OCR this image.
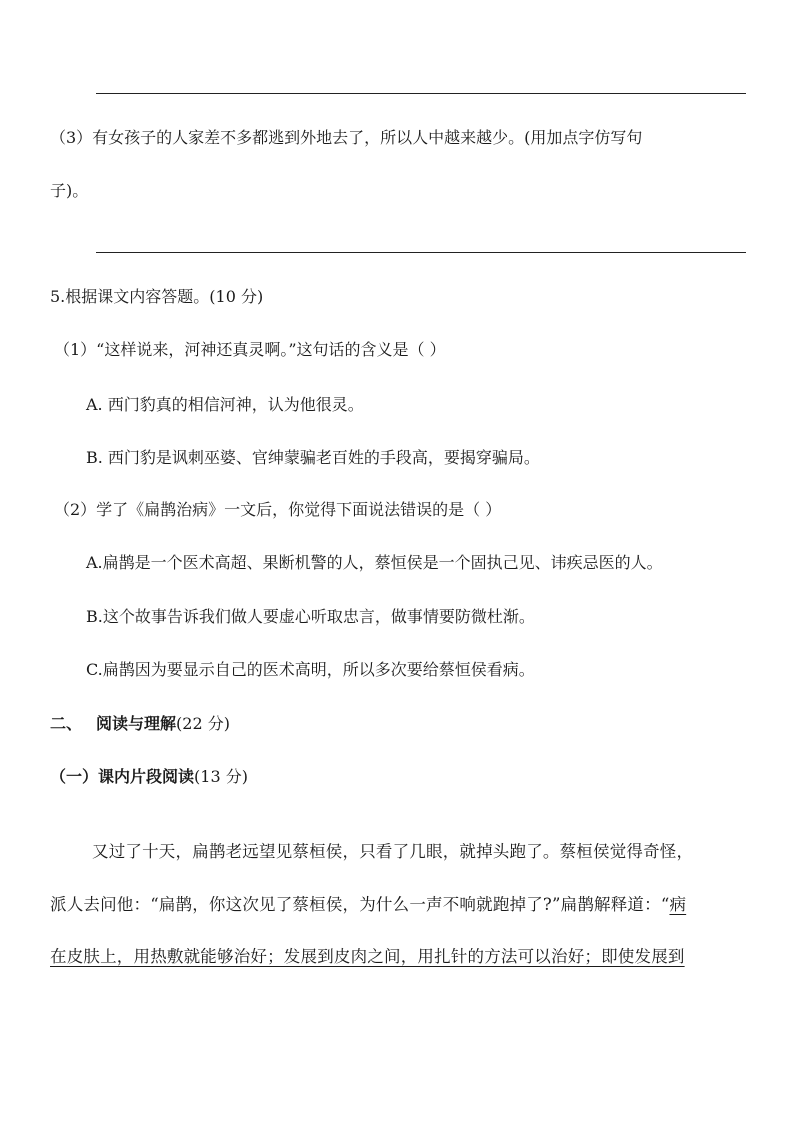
（3）有女孩子的人家差不多都逃到外地去了，所以人中越来越少。(用加点字仿写句
子)。
5.根据课文内容答题。(10 分)
（1）“这样说来，河神还真灵啊。”这句话的含义是（ ）
A. 西门豹真的相信河神，认为他很灵。
B. 西门豹是讽刺巫婆、官绅蒙骗老百姓的手段高，要揭穿骗局。
（2）学了《扁鹊治病》一文后，你觉得下面说法错误的是（ ）
A.扁鹊是一个医术高超、果断机警的人，蔡恒侯是一个固执己见、讳疾忌医的人。
B.这个故事告诉我们做人要虚心听取忠言，做事情要防微杜渐。
C.扁鹊因为要显示自己的医术高明，所以多次要给蔡恒侯看病。
二、 阅读与理解(22 分)
（一）课内片段阅读(13 分)
又过了十天，扁鹊老远望见蔡桓侯，只看了几眼，就掉头跑了。蔡桓侯觉得奇怪，
派人去问他：“扁鹊，你这次见了蔡桓侯，为什么一声不响就跑掉了?”扁鹊解释道：“病
在皮肤上，用热敷就能够治好；发展到皮肉之间，用扎针的方法可以治好；即使发展到
